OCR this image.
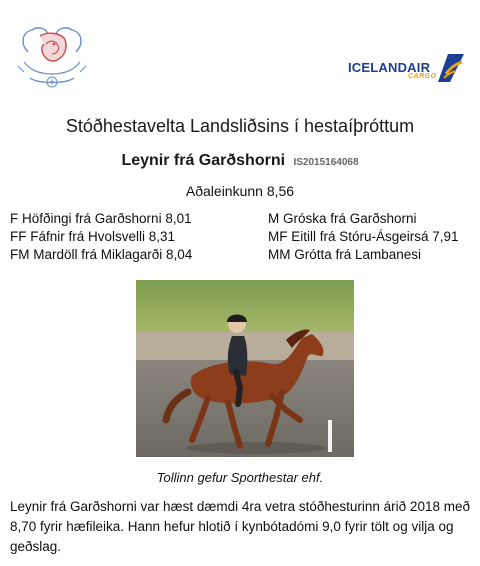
ICELANDAIR
CARGO
Stóðhestavelta Landsliðsins í hestaíþróttum
Leynir frá Garðshorni IS2015164068
Aðaleinkunn 8,56
F Höfðingi frá Garðshorni 8,01
FF Fáfnir frá Hvolsvelli 8,31
FM Mardöll frá Miklagarði 8,04
M Gróska frá Garðshorni
MF Eitill frá Stóru-Ásgeirsá 7,91
MM Grótta frá Lambanesi
Tollinn gefur Sporthestar ehf.
Leynir frá Garðshorni var hæst dæmdi 4ra vetra stóðhesturinn árið 2018 með 8,70 fyrir hæfileika. Hann hefur hlotið í kynbótadómi 9,0 fyrir tölt og vilja og geðslag.
